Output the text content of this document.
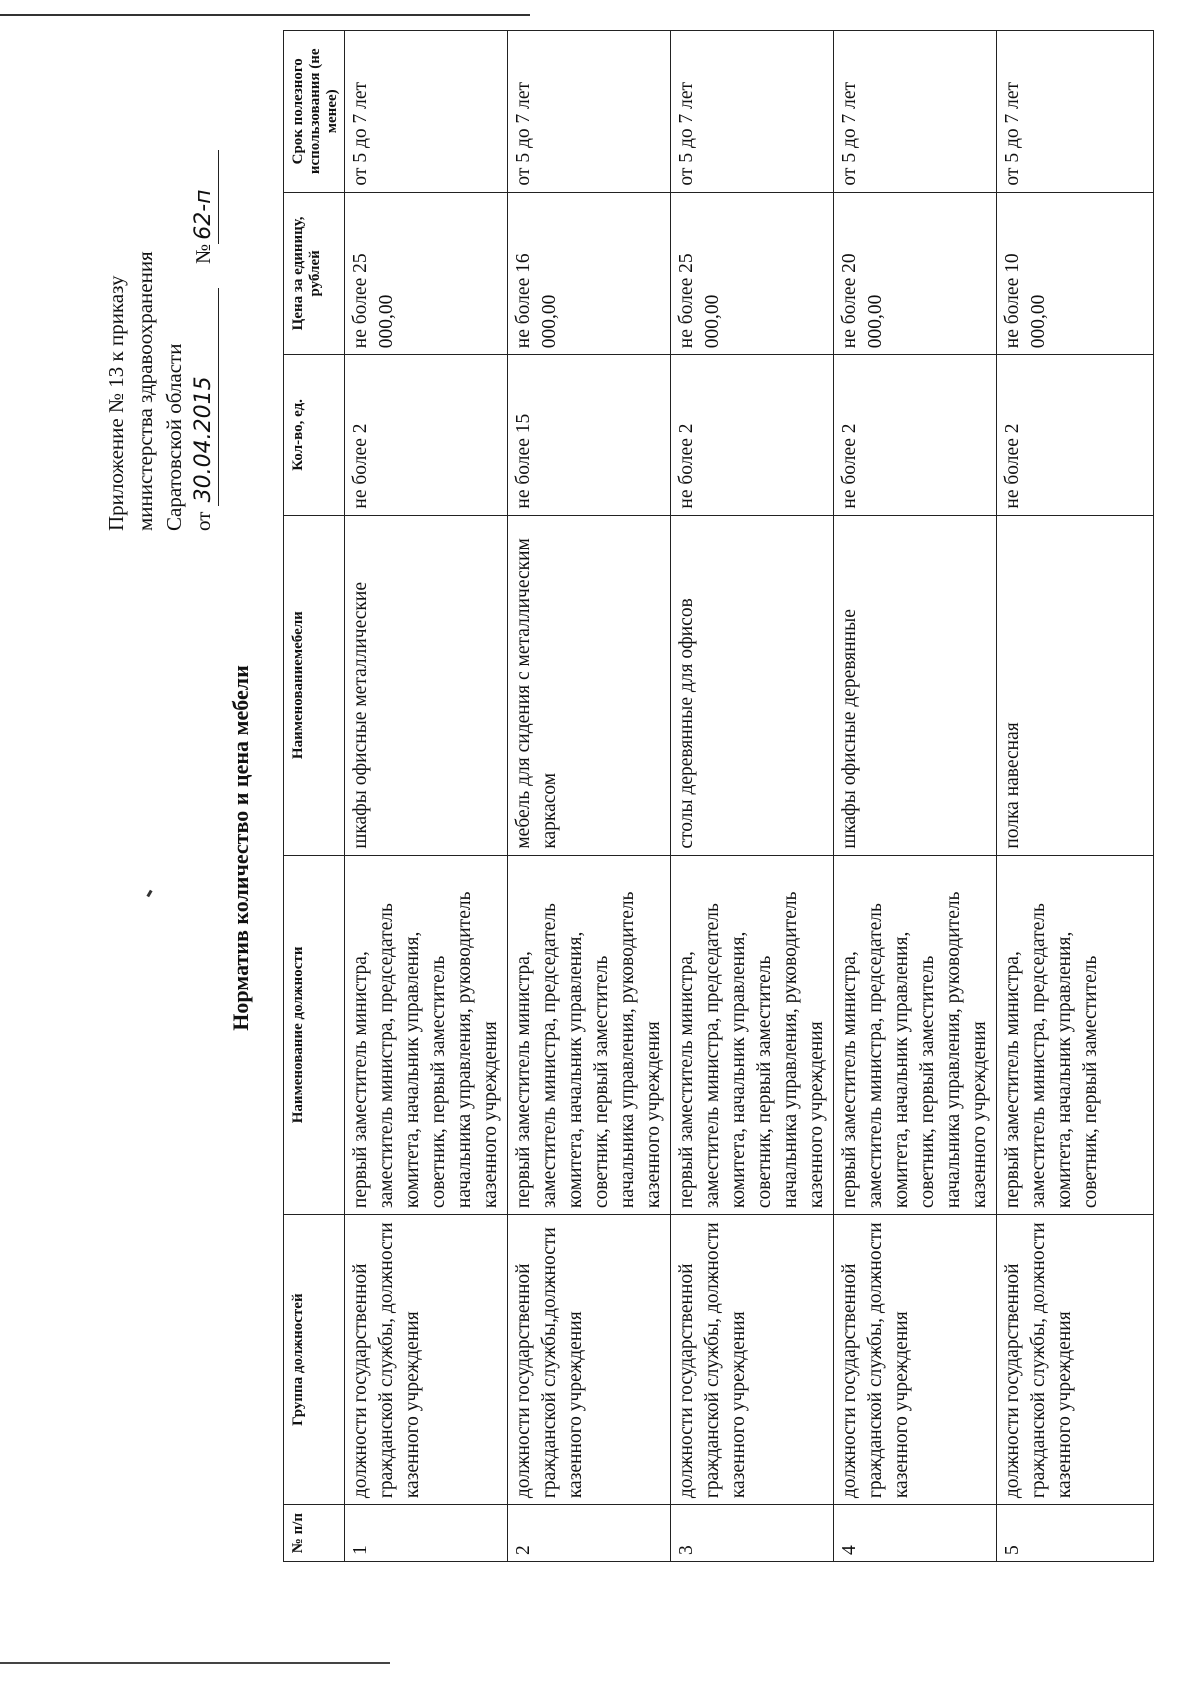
Приложение № 13 к приказу министерства здравоохранения Саратовской области от 30.04.2015  №62-п
Норматив количество и цена мебели
№ п/п	Группа должностей	Наименование должности	Наименованиемебели	Кол-во, ед.	Цена за единицу, рублей	Срок полезного использования (не менее)
1	должности государственной гражданской службы, должности казенного учреждения	первый заместитель министра, заместитель министра, председатель комитета, начальник управления, советник, первый заместитель начальника управления, руководитель казенного учреждения	шкафы офисные металлические	не более 2	не более 25 000,00	от 5 до 7 лет
2	должности государственной гражданской службы,должности казенного учреждения	первый заместитель министра, заместитель министра, председатель комитета, начальник управления, советник, первый заместитель начальника управления, руководитель казенного учреждения	мебель для сидения с металлическим каркасом	не более 15	не более 16 000,00	от 5 до 7 лет
3	должности государственной гражданской службы, должности казенного учреждения	первый заместитель министра, заместитель министра, председатель комитета, начальник управления, советник, первый заместитель начальника управления, руководитель казенного учреждения	столы деревянные для офисов	не более 2	не более 25 000,00	от 5 до 7 лет
4	должности государственной гражданской службы, должности казенного учреждения	первый заместитель министра, заместитель министра, председатель комитета, начальник управления, советник, первый заместитель начальника управления, руководитель казенного учреждения	шкафы офисные деревянные	не более 2	не более 20 000,00	от 5 до 7 лет
5	должности государственной гражданской службы, должности казенного учреждения	первый заместитель министра, заместитель министра, председатель комитета, начальник управления, советник, первый заместитель	полка навесная	не более 2	не более 10 000,00	от 5 до 7 лет
